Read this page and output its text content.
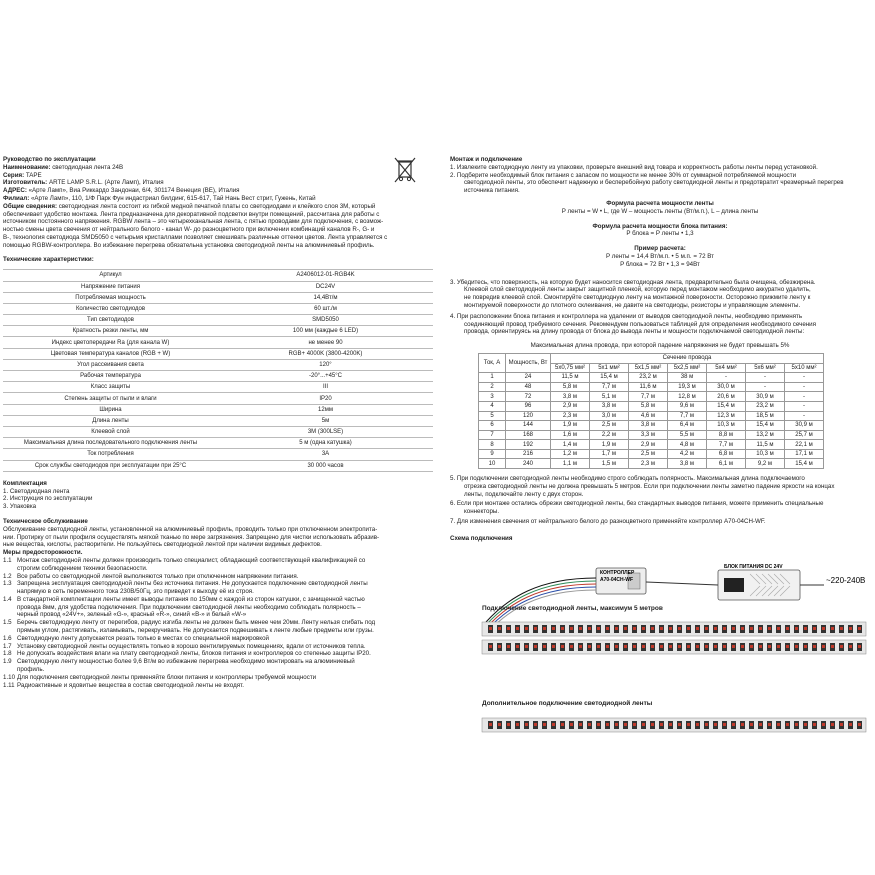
Руководство по эксплуатации
Наименование: светодиодная лента 24В
Серия: TAPE
Изготовитель: ARTE LAMP S.R.L. (Арте Ламп), Италия
АДРЕС: «Арте Ламп», Виа Риккардо Зандонаи, 6/4, 301174 Венеция (ВЕ), Италия
Филиал: «Арте Ламп», 110, 1/Ф Парк Фун индастриал билдинг, 615-617, Тай Нань Вест стрит, Гужень, Китай
Общие сведения: светодиодная лента состоит из гибкой медной печатной платы со светодиодами и клейкого слоя 3М, который
обеспечивает удобство монтажа. Лента предназначена для декоративной подсветки внутри помещений, рассчитана для работы с
источником постоянного напряжения. RGBW лента – это четырехканальная лента, с пятью проводами для подключения, с возмож-
ностью смены цвета свечения от нейтрального белого - канал W- до разноцветного при включении комбинаций каналов R-, G- и
B-, технология светодиода SMD5050 с четырьмя кристаллами позволяет смешивать различные оттенки цветов. Лента управляется с
помощью RGBW-контроллера. Во избежание перегрева обязательна установка светодиодной ленты на алюминиевый профиль.
Технические характеристики:
Артикул	A2406012-01-RGB4K
Напряжение питания	DC24V
Потребляемая мощность	14,4Вт/м
Количество светодиодов	60 шт./м
Тип светодиодов	SMD5050
Кратность резки ленты, мм	100 мм (каждые 6 LED)
Индекс цветопередачи Ra (для канала W)	не менее 90
Цветовая температура каналов (RGB + W)	RGB+ 4000K (3800-4200K)
Угол рассеивания света	120°
Рабочая температура	-20°...+45°C
Класс защиты	III
Степень защиты от пыли и влаги	IP20
Ширина	12мм
Длина ленты	5м
Клеевой слой	3М (300LSE)
Максимальная длина последовательного подключения ленты	5 м (одна катушка)
Ток потребления	3А
Срок службы светодиодов при эксплуатации при 25°С	30 000 часов
Комплектация
1. Светодиодная лента
2. Инструкция по эксплуатации
3. Упаковка
Техническое обслуживание
Обслуживание светодиодной ленты, установленной на алюминиевый профиль, проводить только при отключенном электропита-
нии. Протирку от пыли профиля осуществлять мягкой тканью по мере загрязнения. Запрещено для чистки использовать абразив-
ные вещества, кислоты, растворители. Не пользуйтесь светодиодной лентой при наличии видимых дефектов.
Меры предосторожности.
1.1 Монтаж светодиодной ленты должен производить только специалист, обладающий соответствующей квалификацией со
строгим соблюдением техники безопасности.
1.2 Все работы со светодиодной лентой выполняются только при отключенном напряжении питания.
1.3 Запрещена эксплуатация светодиодной ленты без источника питания. Не допускается подключение светодиодной ленты
напрямую в сеть переменного тока 230В/50Гц, это приведет к выходу её из строя.
1.4 В стандартной комплектации ленты имеет выводы питания по 150мм с каждой из сторон катушки, с зачищенной частью
провода 8мм, для удобства подключения. При подключении светодиодной ленты необходимо соблюдать полярность –
черный провод «24V+», зеленый «G-», красный «R-», синий «B-» и белый «W-»
1.5 Беречь светодиодную ленту от перегибов, радиус изгиба ленты не должен быть менее чем 20мм. Ленту нельзя сгибать под
прямым углом, растягивать, изламывать, перекручивать. Не допускается подвешивать к ленте любые предметы или грузы.
1.6 Светодиодную ленту допускается резать только в местах со специальной маркировкой
1.7 Установку светодиодной ленты осуществлять только в хорошо вентилируемых помещениях, вдали от источников тепла.
1.8 Не допускать воздействия влаги на плату светодиодной ленты, блоков питания и контроллеров со степенью защиты IP20.
1.9 Светодиодную ленту мощностью более 9,6 Вт/м во избежание перегрева необходимо монтировать на алюминиевый
профиль.
1.10 Для подключения светодиодной ленты применяйте блоки питания и контроллеры требуемой мощности
1.11 Радиоактивные и ядовитые вещества в состав светодиодной ленты не входят.
Монтаж и подключение
1. Извлеките светодиодную ленту из упаковки, проверьте внешний вид товара и корректность работы ленты перед установкой.
2. Подберите необходимый блок питания с запасом по мощности не менее 30% от суммарной потребляемой мощности
светодиодной ленты, это обеспечит надежную и бесперебойную работу светодиодной ленты и предотвратит чрезмерный перегрев
источника питания.
Формула расчета мощности ленты
P ленты = W • L, где W – мощность ленты (Вт/м.п.), L – длина ленты
Формула расчета мощности блока питания:
P блока = P ленты • 1,3
Пример расчета:
P ленты = 14,4 Вт/м.п. • 5 м.п. = 72 Вт
P блока = 72 Вт • 1,3 = 94Вт
3. Убедитесь, что поверхность, на которую будет наносится светодиодная лента, предварительно была очищена, обезжирена.
Клеевой слой светодиодной ленты закрыт защитной пленкой, которую перед монтажом необходимо аккуратно удалить,
не повредив клеевой слой. Смонтируйте светодиодную ленту на монтажной поверхности. Осторожно прижмите ленту к
монтируемой поверхности до плотного склеивания, не давите на светодиоды, резисторы и управляющие элементы.
4. При расположении блока питания и контроллера на удалении от выводов светодиодной ленты, необходимо применять
соединяющий провод требуемого сечения. Рекомендуем пользоваться таблицей для определения необходимого сечения
провода, ориентируясь на длину провода от блока до вывода ленты и мощности подключаемой светодиодной ленты:
Максимальная длина провода, при которой падение напряжения не будет превышать 5%
Ток, А	Мощность, Вт	Сечение провода						
		5х0,75 мм²	5х1 мм²	5х1,5 мм²	5х2,5 мм²	5х4 мм²	5х6 мм²	5х10 мм²
1	24	11,5 м	15,4 м	23,2 м	38 м	-	-	-
2	48	5,8 м	7,7 м	11,6 м	19,3 м	30,0 м	-	-
3	72	3,8 м	5,1 м	7,7 м	12,8 м	20,6 м	30,9 м	-
4	96	2,9 м	3,8 м	5,8 м	9,6 м	15,4 м	23,2 м	-
5	120	2,3 м	3,0 м	4,6 м	7,7 м	12,3 м	18,5 м	-
6	144	1,9 м	2,5 м	3,8 м	6,4 м	10,3 м	15,4 м	30,9 м
7	168	1,6 м	2,2 м	3,3 м	5,5 м	8,8 м	13,2 м	25,7 м
8	192	1,4 м	1,9 м	2,9 м	4,8 м	7,7 м	11,5 м	22,1 м
9	216	1,2 м	1,7 м	2,5 м	4,2 м	6,8 м	10,3 м	17,1 м
10	240	1,1 м	1,5 м	2,3 м	3,8 м	6,1 м	9,2 м	15,4 м
5. При подключении светодиодной ленты необходимо строго соблюдать полярность. Максимальная длина подключаемого
отрезка светодиодной ленты не должна превышать 5 метров. Если при подключении ленты заметно падение яркости на концах
ленты, подключайте ленту с двух сторон.
6. Если при монтаже остались обрезки светодиодной ленты, без стандартных выводов питания, можете применить специальные
коннекторы.
7. Для изменения свечения от нейтрального белого до разноцветного применяйте контроллер A70-04CH-WF.
Схема подключения
КОНТРОЛЛЕР
A70-04CH-WF
БЛОК ПИТАНИЯ DC 24V
~220-240В
Подключение светодиодной ленты, максимум 5 метров
Дополнительное подключение светодиодной ленты
